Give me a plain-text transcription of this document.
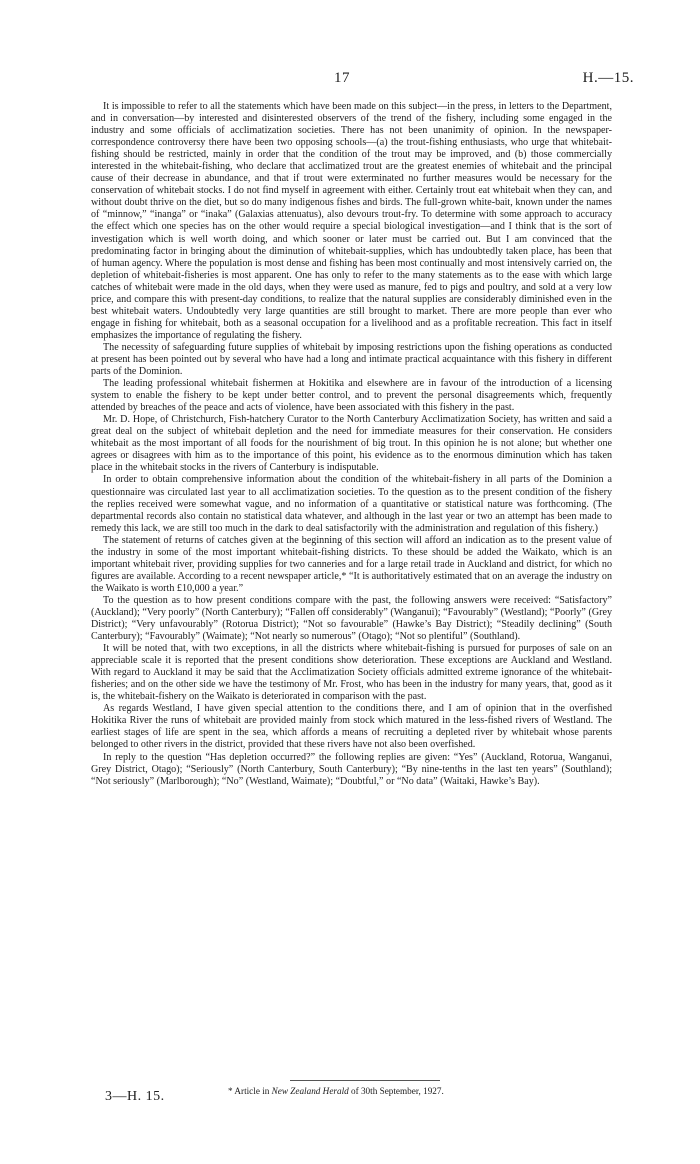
17	H.—15.

It is impossible to refer to all the statements which have been made on this subject—in the press, in letters to the Department, and in conversation—by interested and disinterested observers of the trend of the fishery, including some engaged in the industry and some officials of acclimatization societies. There has not been unanimity of opinion. In the newspaper-correspondence controversy there have been two opposing schools—(a) the trout-fishing enthusiasts, who urge that whitebait-fishing should be restricted, mainly in order that the condition of the trout may be improved, and (b) those commercially interested in the whitebait-fishing, who declare that acclimatized trout are the greatest enemies of whitebait and the principal cause of their decrease in abundance, and that if trout were exterminated no further measures would be necessary for the conservation of whitebait stocks. I do not find myself in agreement with either. Certainly trout eat whitebait when they can, and without doubt thrive on the diet, but so do many indigenous fishes and birds. The full-grown white-bait, known under the names of “minnow,” “inanga” or “inaka” (Galaxias attenuatus), also devours trout-fry. To determine with some approach to accuracy the effect which one species has on the other would require a special biological investigation—and I think that is the sort of investigation which is well worth doing, and which sooner or later must be carried out. But I am convinced that the predominating factor in bringing about the diminution of whitebait-supplies, which has undoubtedly taken place, has been that of human agency. Where the population is most dense and fishing has been most continually and most intensively carried on, the depletion of whitebait-fisheries is most apparent. One has only to refer to the many statements as to the ease with which large catches of whitebait were made in the old days, when they were used as manure, fed to pigs and poultry, and sold at a very low price, and compare this with present-day conditions, to realize that the natural supplies are considerably diminished even in the best whitebait waters. Undoubtedly very large quantities are still brought to market. There are more people than ever who engage in fishing for whitebait, both as a seasonal occupation for a livelihood and as a profitable recreation. This fact in itself emphasizes the importance of regulating the fishery.

The necessity of safeguarding future supplies of whitebait by imposing restrictions upon the fishing operations as conducted at present has been pointed out by several who have had a long and intimate practical acquaintance with this fishery in different parts of the Dominion.

The leading professional whitebait fishermen at Hokitika and elsewhere are in favour of the introduction of a licensing system to enable the fishery to be kept under better control, and to prevent the personal disagreements which, frequently attended by breaches of the peace and acts of violence, have been associated with this fishery in the past.

Mr. D. Hope, of Christchurch, Fish-hatchery Curator to the North Canterbury Acclimatization Society, has written and said a great deal on the subject of whitebait depletion and the need for immediate measures for their conservation. He considers whitebait as the most important of all foods for the nourishment of big trout. In this opinion he is not alone; but whether one agrees or disagrees with him as to the importance of this point, his evidence as to the enormous diminution which has taken place in the whitebait stocks in the rivers of Canterbury is indisputable.

In order to obtain comprehensive information about the condition of the whitebait-fishery in all parts of the Dominion a questionnaire was circulated last year to all acclimatization societies. To the question as to the present condition of the fishery the replies received were somewhat vague, and no information of a quantitative or statistical nature was forthcoming. (The departmental records also contain no statistical data whatever, and although in the last year or two an attempt has been made to remedy this lack, we are still too much in the dark to deal satisfactorily with the administration and regulation of this fishery.)

The statement of returns of catches given at the beginning of this section will afford an indication as to the present value of the industry in some of the most important whitebait-fishing districts. To these should be added the Waikato, which is an important whitebait river, providing supplies for two canneries and for a large retail trade in Auckland and district, for which no figures are available. According to a recent newspaper article,* “It is authoritatively estimated that on an average the industry on the Waikato is worth £10,000 a year.”

To the question as to how present conditions compare with the past, the following answers were received: “Satisfactory” (Auckland); “Very poorly” (North Canterbury); “Fallen off considerably” (Wanganui); “Favourably” (Westland); “Poorly” (Grey District); “Very unfavourably” (Rotorua District); “Not so favourable” (Hawke’s Bay District); “Steadily declining” (South Canterbury); “Favourably” (Waimate); “Not nearly so numerous” (Otago); “Not so plentiful” (Southland).

It will be noted that, with two exceptions, in all the districts where whitebait-fishing is pursued for purposes of sale on an appreciable scale it is reported that the present conditions show deterioration. These exceptions are Auckland and Westland. With regard to Auckland it may be said that the Acclimatization Society officials admitted extreme ignorance of the whitebait-fisheries; and on the other side we have the testimony of Mr. Frost, who has been in the industry for many years, that, good as it is, the whitebait-fishery on the Waikato is deteriorated in comparison with the past.

As regards Westland, I have given special attention to the conditions there, and I am of opinion that in the overfished Hokitika River the runs of whitebait are provided mainly from stock which matured in the less-fished rivers of Westland. The earliest stages of life are spent in the sea, which affords a means of recruiting a depleted river by whitebait whose parents belonged to other rivers in the district, provided that these rivers have not also been overfished.

In reply to the question “Has depletion occurred?” the following replies are given: “Yes” (Auckland, Rotorua, Wanganui, Grey District, Otago); “Seriously” (North Canterbury, South Canterbury); “By nine-tenths in the last ten years” (Southland); “Not seriously” (Marlborough); “No” (Westland, Waimate); “Doubtful,” or “No data” (Waitaki, Hawke’s Bay).

* Article in New Zealand Herald of 30th September, 1927.
3—H. 15.
